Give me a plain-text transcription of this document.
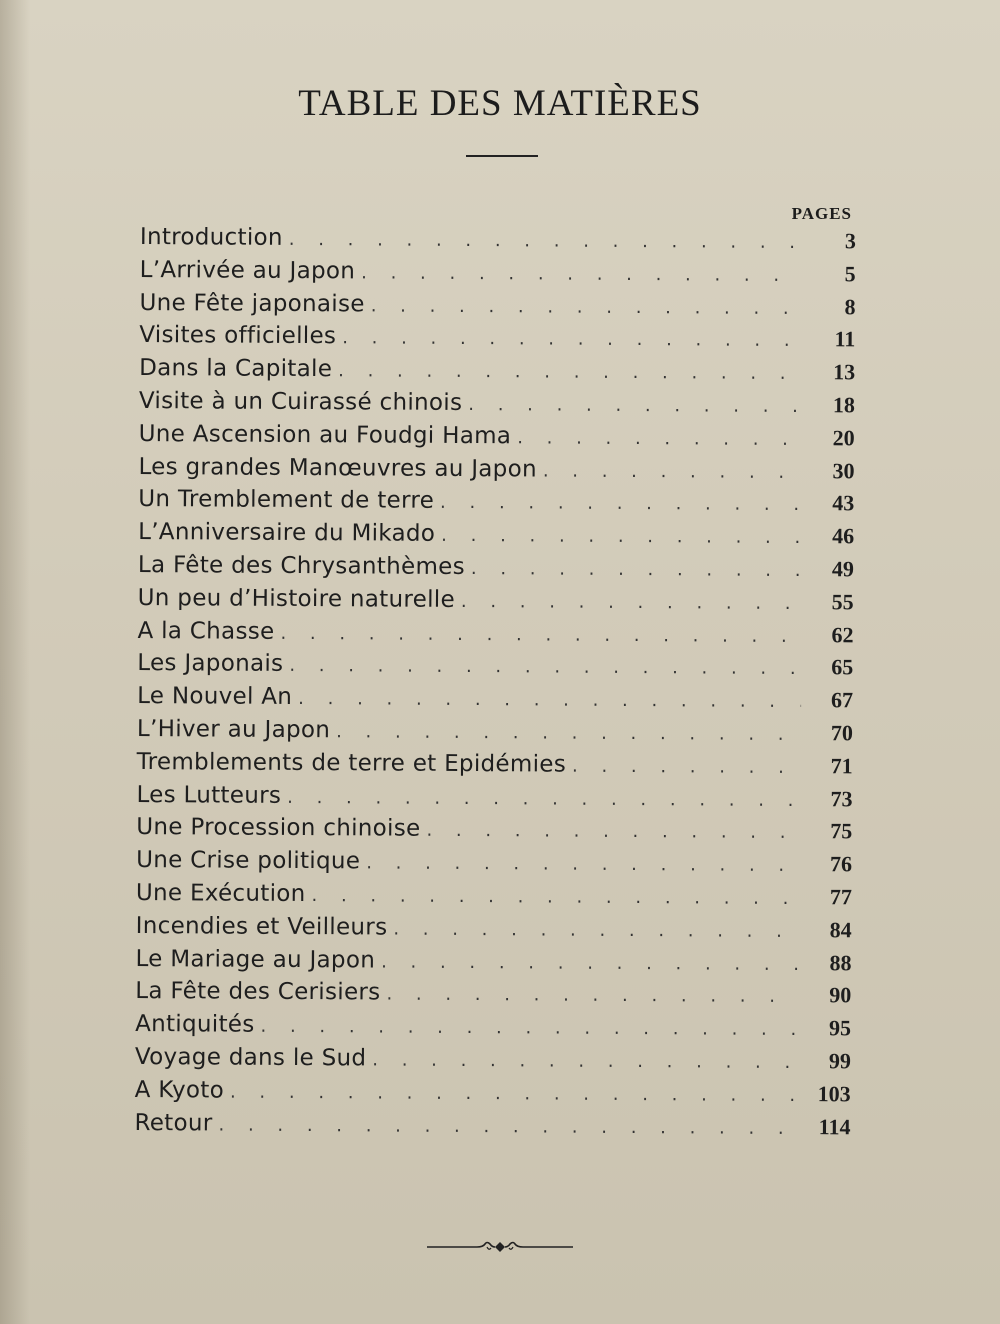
TABLE DES MATIÈRES
PAGES
Introduction . . .	3
L’Arrivée au Japon . . .	5
Une Fête japonaise . . .	8
Visites officielles . . .	11
Dans la Capitale . . .	13
Visite à un Cuirassé chinois . . .	18
Une Ascension au Foudgi Hama . . .	20
Les grandes Manœuvres au Japon . . .	30
Un Tremblement de terre . . .	43
L’Anniversaire du Mikado . . .	46
La Fête des Chrysanthèmes . . .	49
Un peu d’Histoire naturelle . . .	55
A la Chasse . . .	62
Les Japonais . . .	65
Le Nouvel An . . .	67
L’Hiver au Japon . . .	70
Tremblements de terre et Epidémies . . .	71
Les Lutteurs . . .	73
Une Procession chinoise . . .	75
Une Crise politique . . .	76
Une Exécution . . .	77
Incendies et Veilleurs . . .	84
Le Mariage au Japon . . .	88
La Fête des Cerisiers . . .	90
Antiquités . . .	95
Voyage dans le Sud . . .	99
A Kyoto . . .	103
Retour . . .	114
